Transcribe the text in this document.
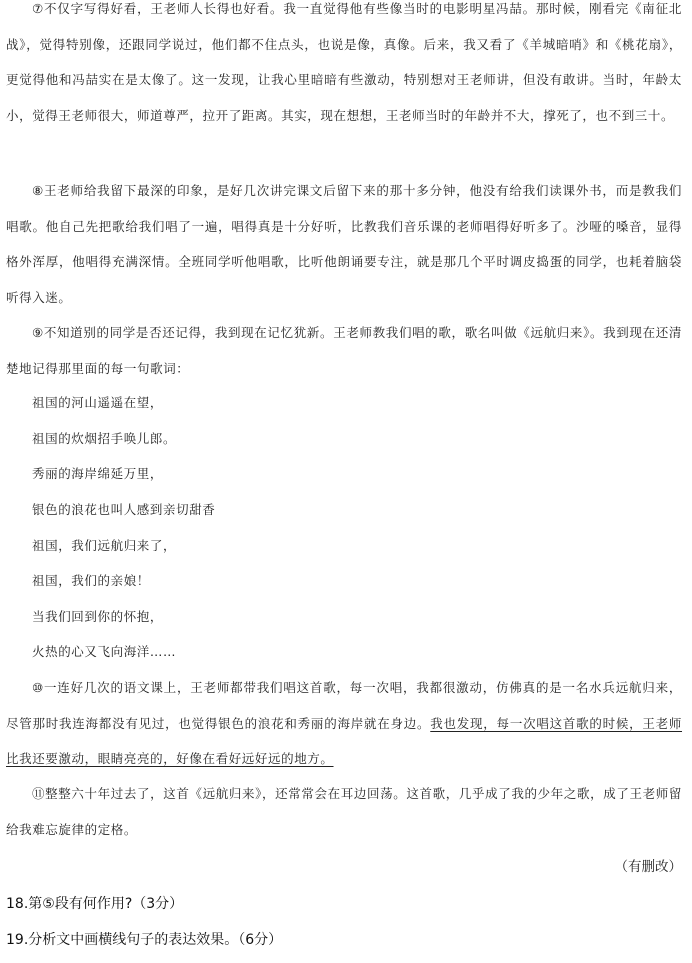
⑦不仅字写得好看，王老师人长得也好看。我一直觉得他有些像当时的电影明星冯喆。那时候，刚看完《南征北战》，觉得特别像，还跟同学说过，他们都不住点头，也说是像，真像。后来，我又看了《羊城暗哨》和《桃花扇》，更觉得他和冯喆实在是太像了。这一发现，让我心里暗暗有些激动，特别想对王老师讲，但没有敢讲。当时，年龄太小，觉得王老师很大，师道尊严，拉开了距离。其实，现在想想，王老师当时的年龄并不大，撑死了，也不到三十。

⑧王老师给我留下最深的印象，是好几次讲完课文后留下来的那十多分钟，他没有给我们读课外书，而是教我们唱歌。他自己先把歌给我们唱了一遍，唱得真是十分好听，比教我们音乐课的老师唱得好听多了。沙哑的嗓音，显得格外浑厚，他唱得充满深情。全班同学听他唱歌，比听他朗诵要专注，就是那几个平时调皮捣蛋的同学，也耗着脑袋听得入迷。

⑨不知道别的同学是否还记得，我到现在记忆犹新。王老师教我们唱的歌，歌名叫做《远航归来》。我到现在还清楚地记得那里面的每一句歌词：

祖国的河山遥遥在望，
祖国的炊烟招手唤儿郎。
秀丽的海岸绵延万里，
银色的浪花也叫人感到亲切甜香
祖国，我们远航归来了，
祖国，我们的亲娘！
当我们回到你的怀抱，
火热的心又飞向海洋……

⑩一连好几次的语文课上，王老师都带我们唱这首歌，每一次唱，我都很激动，仿佛真的是一名水兵远航归来，尽管那时我连海都没有见过，也觉得银色的浪花和秀丽的海岸就在身边。我也发现，每一次唱这首歌的时候，王老师比我还要激动，眼睛亮亮的，好像在看好远好远的地方。

⑪整整六十年过去了，这首《远航归来》，还常常会在耳边回荡。这首歌，几乎成了我的少年之歌，成了王老师留给我难忘旋律的定格。

（有删改）
18.第⑤段有何作用?（3分）
19.分析文中画横线句子的表达效果。（6分）
